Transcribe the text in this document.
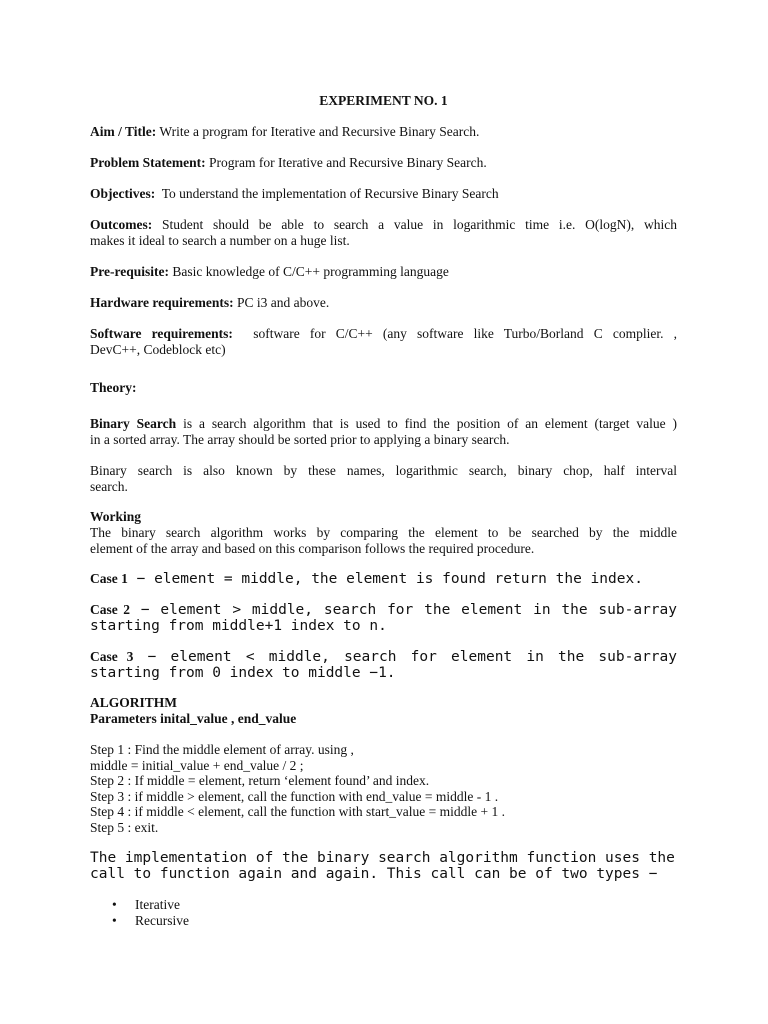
EXPERIMENT NO. 1
Aim / Title: Write a program for Iterative and Recursive Binary Search.
Problem Statement: Program for Iterative and Recursive Binary Search.
Objectives: To understand the implementation of Recursive Binary Search
Outcomes: Student should be able to search a value in logarithmic time i.e. O(logN), which
makes it ideal to search a number on a huge list.
Pre-requisite: Basic knowledge of C/C++ programming language
Hardware requirements: PC i3 and above.
Software requirements: software for C/C++ (any software like Turbo/Borland C complier. ,
DevC++, Codeblock etc)
Theory:
Binary Search is a search algorithm that is used to find the position of an element (target value )
in a sorted array. The array should be sorted prior to applying a binary search.
Binary search is also known by these names, logarithmic search, binary chop, half interval
search.
Working
The binary search algorithm works by comparing the element to be searched by the middle
element of the array and based on this comparison follows the required procedure.
Case 1 − element = middle, the element is found return the index.
Case 2 − element > middle, search for the element in the sub-array
starting from middle+1 index to n.
Case 3 − element < middle, search for element in the sub-array
starting from 0 index to middle −1.
ALGORITHM
Parameters inital_value , end_value
Step 1 : Find the middle element of array. using ,
middle = initial_value + end_value / 2 ;
Step 2 : If middle = element, return ‘element found’ and index.
Step 3 : if middle > element, call the function with end_value = middle - 1 .
Step 4 : if middle < element, call the function with start_value = middle + 1 .
Step 5 : exit.
The implementation of the binary search algorithm function uses the
call to function again and again. This call can be of two types −
• Iterative
• Recursive
